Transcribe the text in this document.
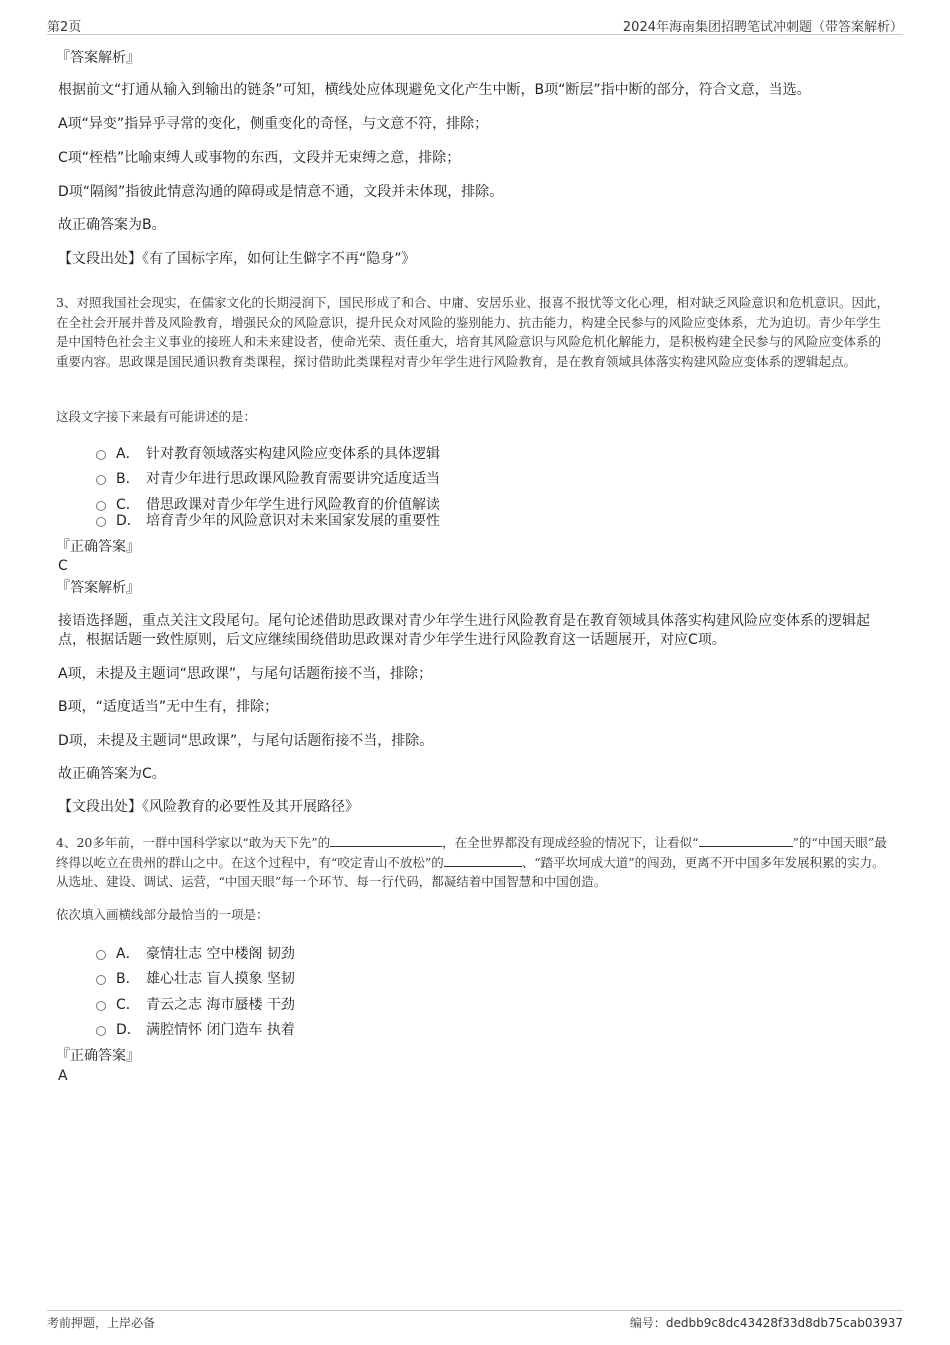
第2页	2024年海南集团招聘笔试冲刺题（带答案解析）
『答案解析』
根据前文“打通从输入到输出的链条”可知，横线处应体现避免文化产生中断，B项“断层”指中断的部分，符合文意，当选。
A项“异变”指异乎寻常的变化，侧重变化的奇怪，与文意不符，排除；
C项“桎梏”比喻束缚人或事物的东西，文段并无束缚之意，排除；
D项“隔阂”指彼此情意沟通的障碍或是情意不通，文段并未体现，排除。
故正确答案为B。
【文段出处】《有了国标字库，如何让生僻字不再“隐身”》
3、对照我国社会现实，在儒家文化的长期浸润下，国民形成了和合、中庸、安居乐业、报喜不报忧等文化心理，相对缺乏风险意识和危机意识。因此，在全社会开展并普及风险教育，增强民众的风险意识，提升民众对风险的鉴别能力、抗击能力，构建全民参与的风险应变体系，尤为迫切。青少年学生是中国特色社会主义事业的接班人和未来建设者，使命光荣、责任重大，培育其风险意识与风险危机化解能力，是积极构建全民参与的风险应变体系的重要内容。思政课是国民通识教育类课程，探讨借助此类课程对青少年学生进行风险教育，是在教育领域具体落实构建风险应变体系的逻辑起点。
这段文字接下来最有可能讲述的是：
A． 针对教育领域落实构建风险应变体系的具体逻辑
B． 对青少年进行思政课风险教育需要讲究适度适当
C． 借思政课对青少年学生进行风险教育的价值解读
D． 培育青少年的风险意识对未来国家发展的重要性
『正确答案』
C
『答案解析』
接语选择题，重点关注文段尾句。尾句论述借助思政课对青少年学生进行风险教育是在教育领域具体落实构建风险应变体系的逻辑起点，根据话题一致性原则，后文应继续围绕借助思政课对青少年学生进行风险教育这一话题展开，对应C项。
A项，未提及主题词“思政课”，与尾句话题衔接不当，排除；
B项，“适度适当”无中生有，排除；
D项，未提及主题词“思政课”，与尾句话题衔接不当，排除。
故正确答案为C。
【文段出处】《风险教育的必要性及其开展路径》
4、20多年前，一群中国科学家以“敢为天下先”的	，在全世界都没有现成经验的情况下，让看似“	”的“中国天眼”最终得以屹立在贵州的群山之中。在这个过程中，有“咬定青山不放松”的	、“踏平坎坷成大道”的闯劲，更离不开中国多年发展积累的实力。从选址、建设、调试、运营，“中国天眼”每一个环节、每一行代码，都凝结着中国智慧和中国创造。
依次填入画横线部分最恰当的一项是：
A． 豪情壮志 空中楼阁 韧劲
B． 雄心壮志 盲人摸象 坚韧
C． 青云之志 海市蜃楼 干劲
D． 满腔情怀 闭门造车 执着
『正确答案』
A
考前押题，上岸必备	编号：dedbb9c8dc43428f33d8db75cab03937
